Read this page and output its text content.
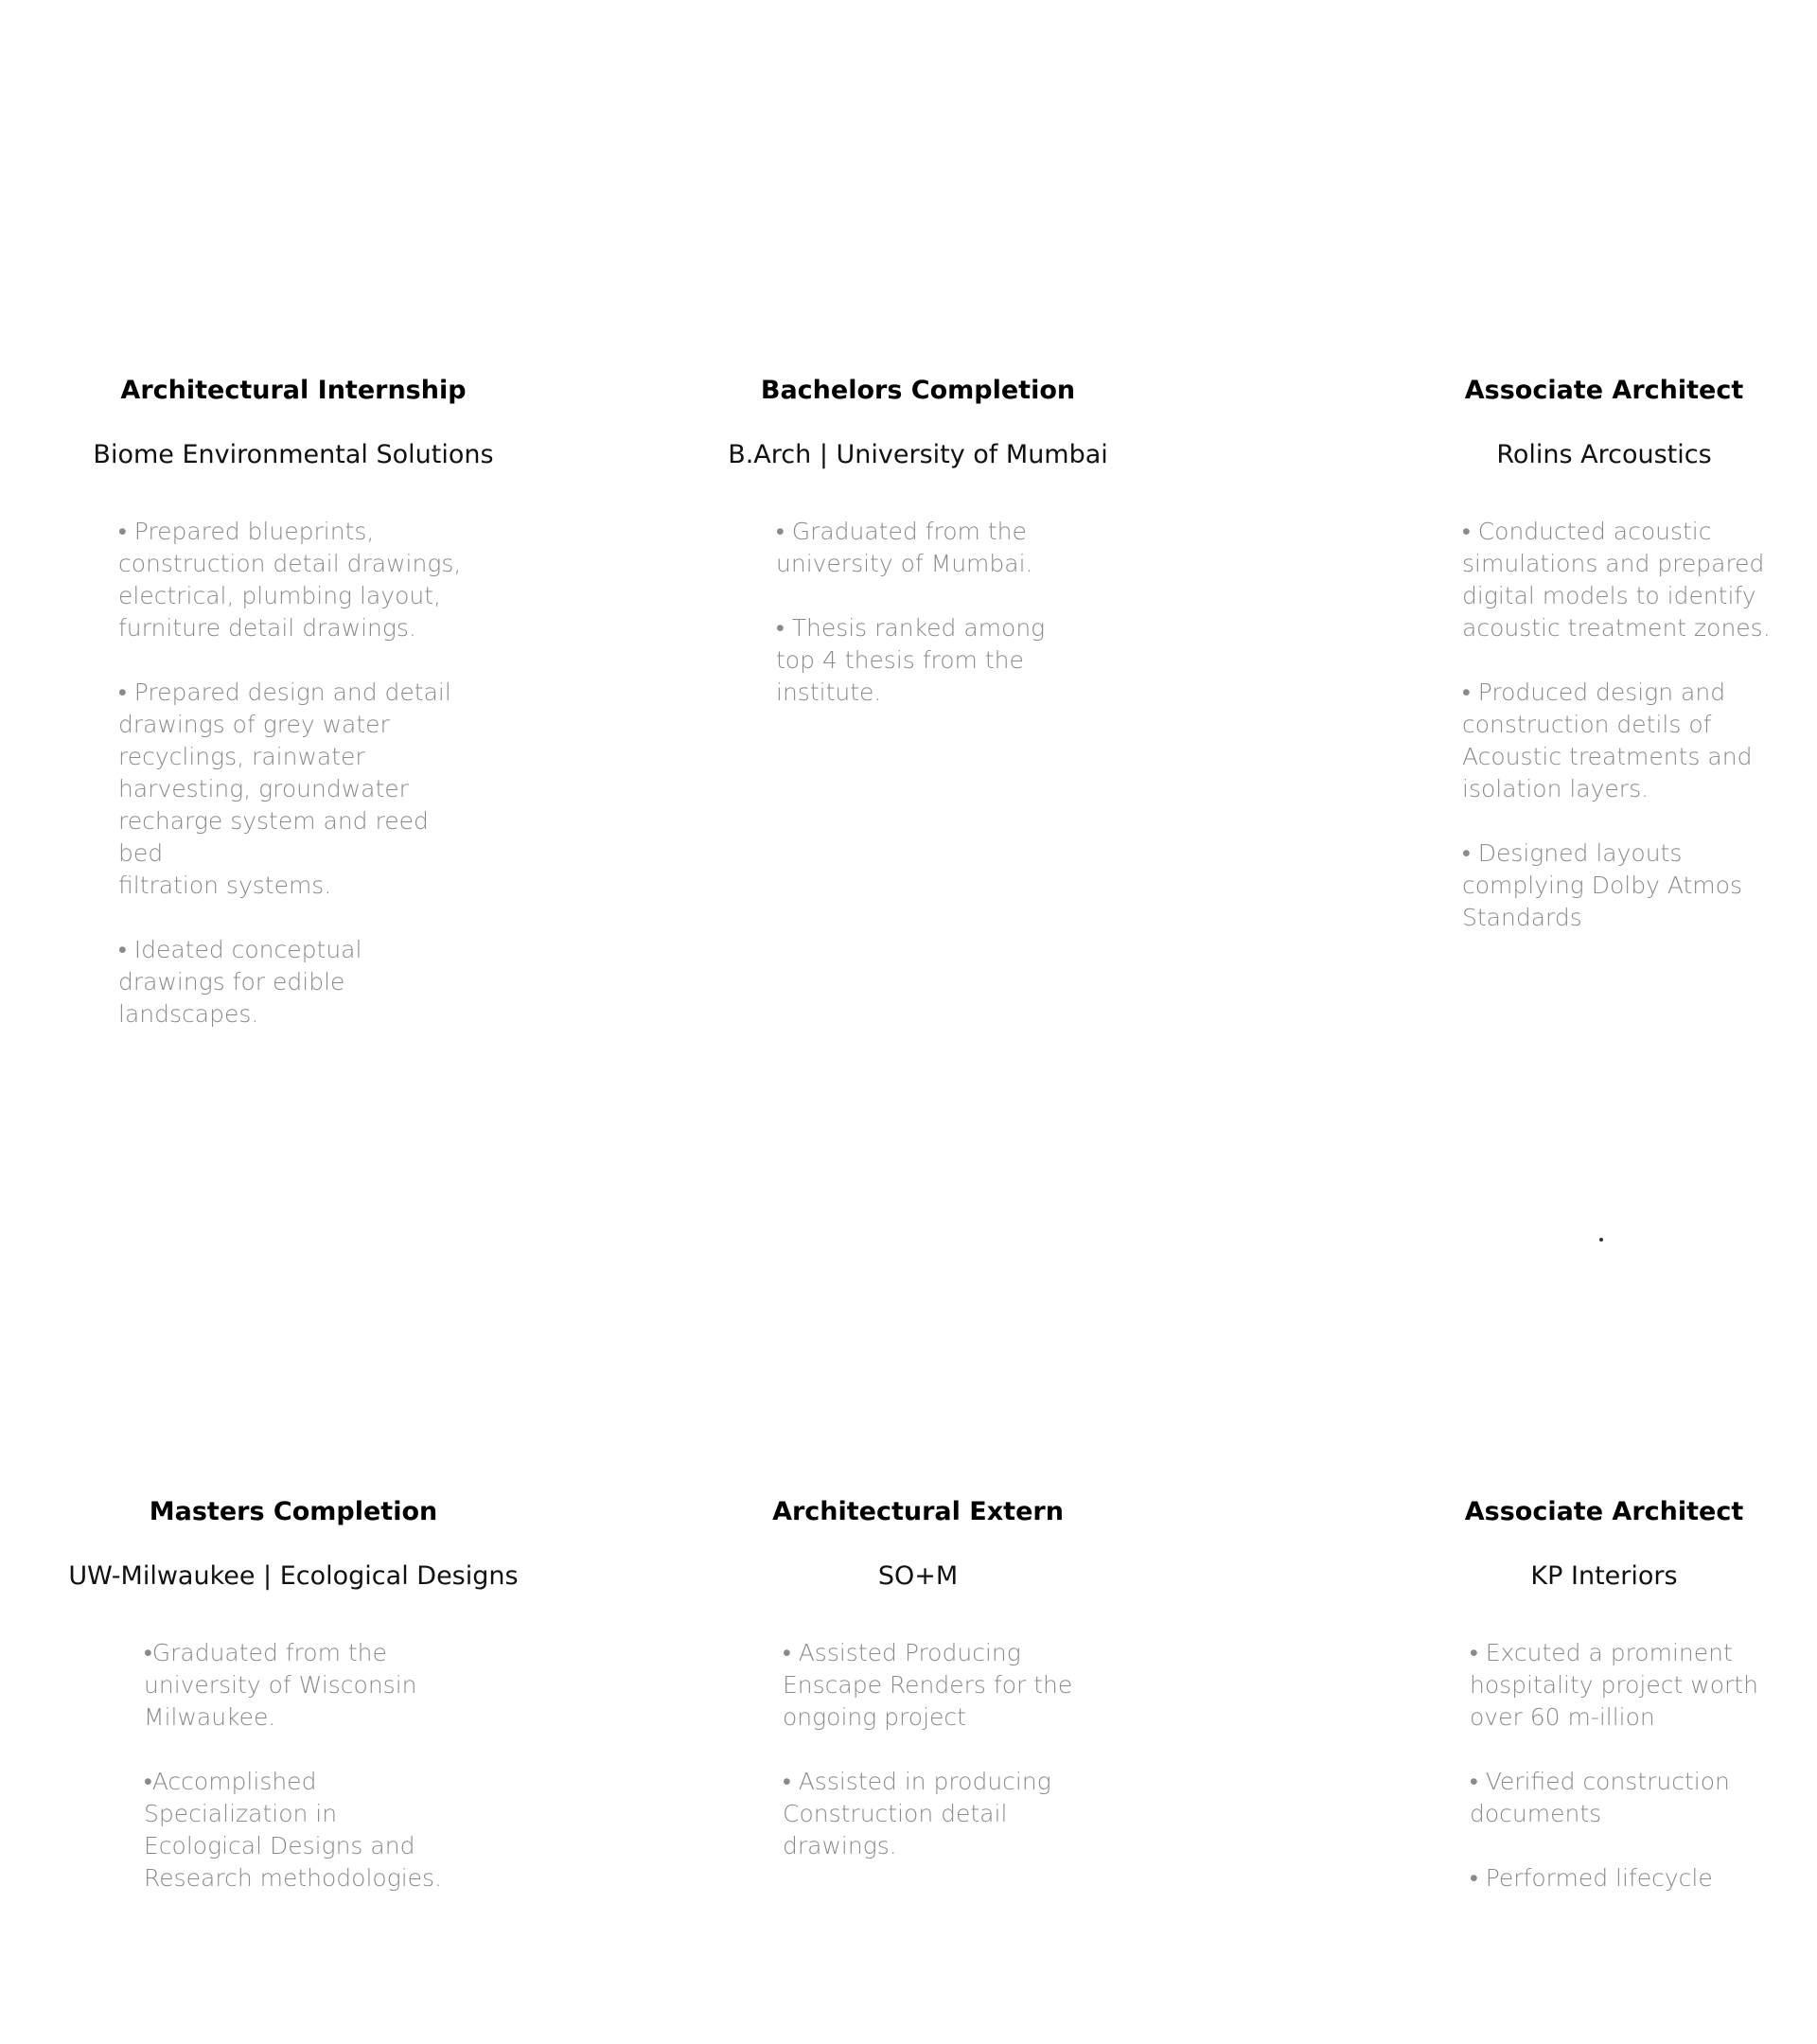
Architectural Internship

Biome Environmental Solutions

• Prepared blueprints,
construction detail drawings,
electrical, plumbing layout,
furniture detail drawings.
• Prepared design and detail
drawings of grey water
recyclings, rainwater
harvesting, groundwater
recharge system and reed bed
filtration systems.
• Ideated conceptual
drawings for edible
landscapes.
Bachelors Completion

B.Arch | University of Mumbai

• Graduated from the
university of Mumbai.
• Thesis ranked among
top 4 thesis from the
institute.
Associate Architect

Rolins Arcoustics

• Conducted acoustic
simulations and prepared
digital models to identify
acoustic treatment zones.
• Produced design and
construction detils of
Acoustic treatments and
isolation layers.
• Designed layouts
complying Dolby Atmos
Standards
Masters Completion

UW-Milwaukee | Ecological Designs

•Graduated from the
university of Wisconsin
Milwaukee.
•Accomplished
Specialization in
Ecological Designs and
Research methodologies.
Architectural Extern

SO+M

• Assisted Producing
Enscape Renders for the
ongoing project
• Assisted in producing
Construction detail
drawings.
Associate Architect

KP Interiors

• Excuted a prominent
hospitality project worth
over 60 m-illion
• Verified construction
documents
• Performed lifecycle
